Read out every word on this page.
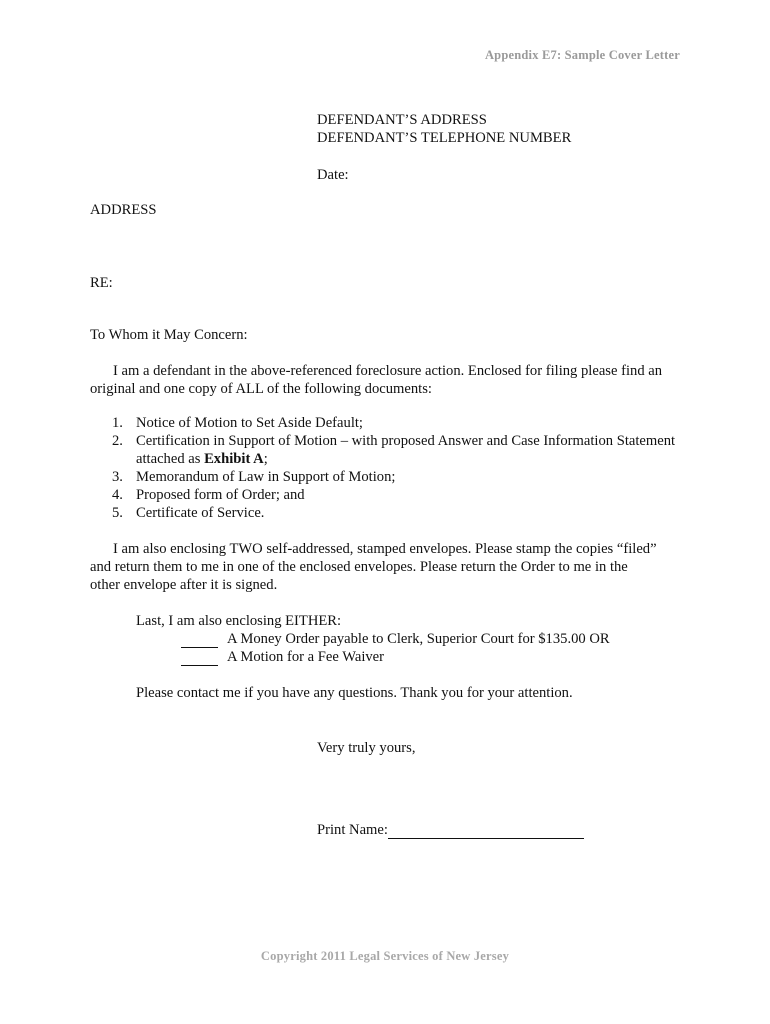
Appendix E7: Sample Cover Letter
DEFENDANT’S ADDRESS
DEFENDANT’S TELEPHONE NUMBER
Date:
ADDRESS
RE:
To Whom it May Concern:
I am a defendant in the above-referenced foreclosure action. Enclosed for filing please find an
original and one copy of ALL of the following documents:
1. Notice of Motion to Set Aside Default;
2. Certification in Support of Motion – with proposed Answer and Case Information Statement
attached as Exhibit A;
3. Memorandum of Law in Support of Motion;
4. Proposed form of Order; and
5. Certificate of Service.
I am also enclosing TWO self-addressed, stamped envelopes. Please stamp the copies “filed”
and return them to me in one of the enclosed envelopes. Please return the Order to me in the
other envelope after it is signed.
Last, I am also enclosing EITHER:
A Money Order payable to Clerk, Superior Court for $135.00 OR
A Motion for a Fee Waiver
Please contact me if you have any questions. Thank you for your attention.
Very truly yours,
Print Name:
Copyright 2011 Legal Services of New Jersey
